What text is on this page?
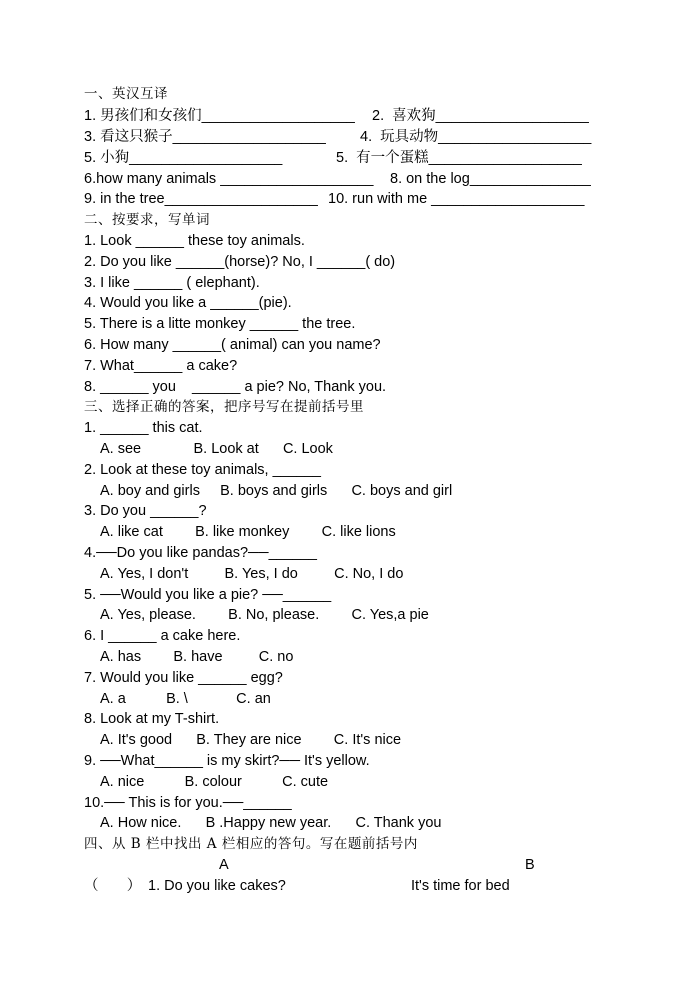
一、英汉互译
1. 男孩们和女孩们___________________ 2.  喜欢狗___________________
3. 看这只猴子___________________ 4.  玩具动物___________________
5. 小狗___________________	5.  有一个蛋糕___________________
6.how many animals ___________________ 8. on the log_______________
9. in the tree___________________ 10. run with me ___________________
二、按要求，写单词
1. Look ______ these toy animals.
2. Do you like ______(horse)? No, I ______( do)
3. I like ______ ( elephant).
4. Would you like a ______(pie).
5. There is a litte monkey ______ the tree.
6. How many ______( animal) can you name?
7. What______ a cake?
8. ______ you    ______ a pie? No, Thank you.
三、选择正确的答案，把序号写在提前括号里
1. ______ this cat.
A. see             B. Look at      C. Look
2. Look at these toy animals, ______
A. boy and girls     B. boys and girls      C. boys and girl
3. Do you ______?
A. like cat        B. like monkey        C. like lions
4.──Do you like pandas?──______
A. Yes, I don't         B. Yes, I do         C. No, I do
5. ──Would you like a pie? ──______
A. Yes, please.        B. No, please.        C. Yes,a pie
6. I ______ a cake here.
A. has        B. have         C. no
7. Would you like ______ egg?
A. a          B. \            C. an
8. Look at my T-shirt.
A. It's good      B. They are nice        C. It's nice
9. ──What______ is my skirt?── It's yellow.
A. nice          B. colour          C. cute
10.── This is for you.──______
A. How nice.      B .Happy new year.      C. Thank you
四、从 B 栏中找出 A 栏相应的答句。写在题前括号内
A	B
（       ） 1. Do you like cakes?	It's time for bed
